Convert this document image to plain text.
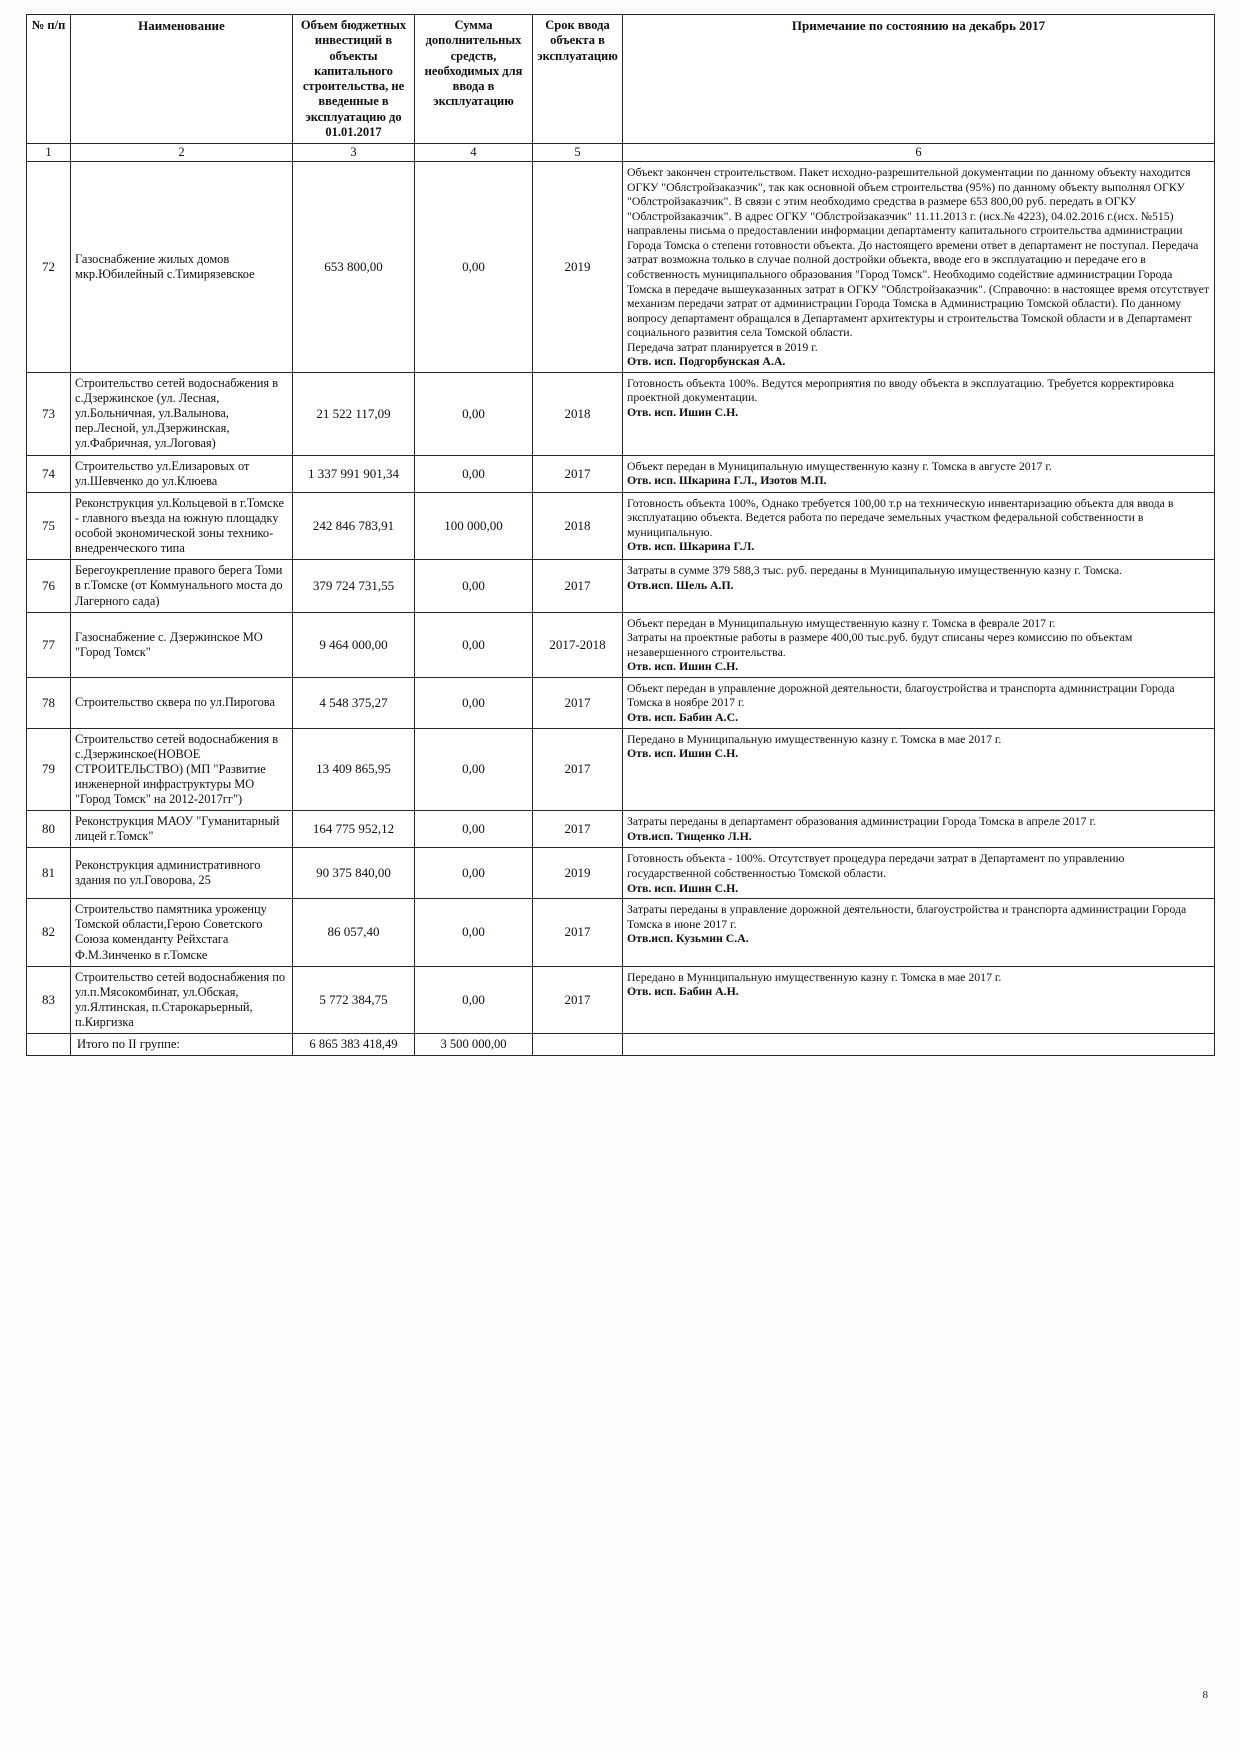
№ п/п	Наименование	Объем бюджетных инвестиций в объекты капитального строительства, не введенные в эксплуатацию до 01.01.2017	Сумма дополнительных средств, необходимых для ввода в эксплуатацию	Срок ввода объекта в эксплуатацию	Примечание по состоянию на декабрь 2017
1	2	3	4	5	6
72	Газоснабжение жилых домов мкр.Юбилейный с.Тимирязевское	653 800,00	0,00	2019	Объект закончен строительством. Пакет исходно-разрешительной документации по данному объекту находится ОГКУ "Облстройзаказчик", так как основной объем строительства (95%) по данному объекту выполнял ОГКУ "Облстройзаказчик". В связи с этим необходимо средства в размере 653 800,00 руб. передать в ОГКУ "Облстройзаказчик". В адрес ОГКУ "Облстройзаказчик" 11.11.2013 г. (исх.№ 4223), 04.02.2016 г.(исх. №515) направлены письма о предоставлении информации департаменту капитального строительства администрации Города Томска о степени готовности объекта. До настоящего времени ответ в департамент не поступал. Передача затрат возможна только в случае полной достройки объекта, вводе его в эксплуатацию и передаче его в собственность муниципального образования "Город Томск". Необходимо содействие администрации Города Томска в передаче вышеуказанных затрат в ОГКУ "Облстройзаказчик". (Справочно: в настоящее время отсутствует механизм передачи затрат от администрации Города Томска в Администрацию Томской области). По данному вопросу департамент обращался в Департамент архитектуры и строительства Томской области и в Департамент социального развития села Томской области.

Передача затрат планируется в 2019 г.

Отв. исп. Подгорбунская А.А.

73	Строительство сетей водоснабжения в с.Дзержинское (ул. Лесная, ул.Больничная, ул.Валынова, пер.Лесной, ул.Дзержинская, ул.Фабричная, ул.Логовая)	21 522 117,09	0,00	2018	Готовность объекта 100%. Ведутся мероприятия по вводу объекта в эксплуатацию. Требуется корректировка проектной документации.

Отв. исп. Ишин С.Н.

74	Строительство ул.Елизаровых от ул.Шевченко до ул.Клюева	1 337 991 901,34	0,00	2017	Объект передан в Муниципальную имущественную казну г. Томска в августе 2017 г.

Отв. исп. Шкарина Г.Л., Изотов М.П.

75	Реконструкция ул.Кольцевой в г.Томске - главного въезда на южную площадку особой экономической зоны технико-внедренческого типа	242 846 783,91	100 000,00	2018	Готовность объекта 100%, Однако требуется 100,00 т.р на техническую инвентаризацию объекта для ввода в эксплуатацию объекта. Ведется работа по передаче земельных участком федеральной собственности в муниципальную.

Отв. исп. Шкарина Г.Л.

76	Берегоукрепление правого берега Томи в г.Томске (от Коммунального моста до Лагерного сада)	379 724 731,55	0,00	2017	Затраты в сумме 379 588,3 тыс. руб. переданы в Муниципальную имущественную казну г. Томска.

Отв.исп. Шель А.П.

77	Газоснабжение с. Дзержинское МО "Город Томск"	9 464 000,00	0,00	2017-2018	Объект передан в Муниципальную имущественную казну г. Томска в феврале 2017 г.

Затраты на проектные работы в размере 400,00 тыс.руб. будут списаны через комиссию по объектам незавершенного строительства.

Отв. исп. Ишин С.Н.

78	Строительство сквера по ул.Пирогова	4 548 375,27	0,00	2017	Объект передан в управление дорожной деятельности, благоустройства и транспорта администрации Города Томска в ноябре 2017 г.

Отв. исп. Бабин А.С.

79	Строительство сетей водоснабжения в с.Дзержинское(НОВОЕ СТРОИТЕЛЬСТВО) (МП "Развитие инженерной инфраструктуры МО "Город Томск" на 2012-2017гг")	13 409 865,95	0,00	2017	Передано в Муниципальную имущественную казну г. Томска в мае 2017 г.

Отв. исп. Ишин С.Н.

80	Реконструкция МАОУ "Гуманитарный лицей г.Томск"	164 775 952,12	0,00	2017	Затраты переданы в департамент образования администрации Города Томска в апреле 2017 г.

Отв.исп. Тищенко Л.Н.

81	Реконструкция административного здания по ул.Говорова, 25	90 375 840,00	0,00	2019	Готовность объекта - 100%. Отсутствует процедура передачи затрат в Департамент по управлению государственной собственностью Томской области.

Отв. исп. Ишин С.Н.

82	Строительство памятника уроженцу Томской области,Герою Советского Союза коменданту Рейхстага Ф.М.Зинченко в г.Томске	86 057,40	0,00	2017	Затраты переданы в управление дорожной деятельности, благоустройства и транспорта администрации Города Томска в июне 2017 г.

Отв.исп. Кузьмин С.А.

83	Строительство сетей водоснабжения по ул.п.Мясокомбинат, ул.Обская, ул.Ялтинская, п.Старокарьерный, п.Киргизка	5 772 384,75	0,00	2017	Передано в Муниципальную имущественную казну г. Томска в мае 2017 г.

Отв. исп. Бабин А.Н.

	Итого по II группе:	6 865 383 418,49	3 500 000,00		
8
